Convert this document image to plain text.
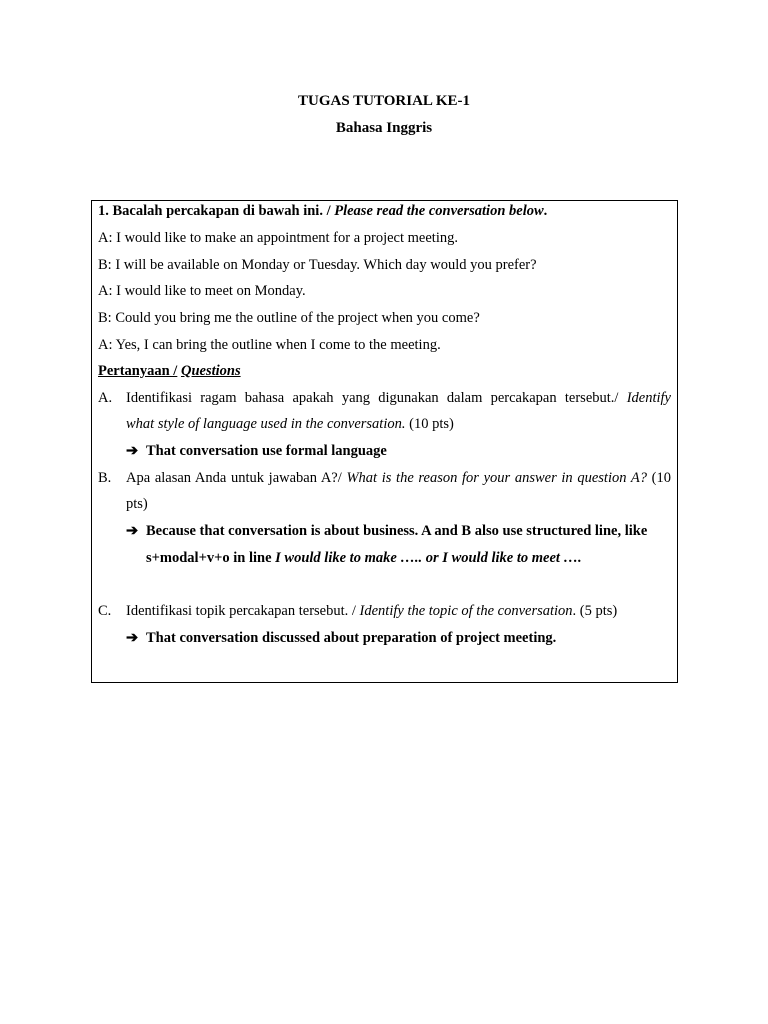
TUGAS TUTORIAL KE-1
Bahasa Inggris
1. Bacalah percakapan di bawah ini. / Please read the conversation below.
A: I would like to make an appointment for a project meeting.
B: I will be available on Monday or Tuesday. Which day would you prefer?
A: I would like to meet on Monday.
B: Could you bring me the outline of the project when you come?
A: Yes, I can bring the outline when I come to the meeting.
Pertanyaan / Questions
A. Identifikasi ragam bahasa apakah yang digunakan dalam percakapan tersebut./ Identify
what style of language used in the conversation. (10 pts)
➔ That conversation use formal language
B.	Apa alasan Anda untuk jawaban A?/ What is the reason for your answer in question A? (10
pts)
➔ Because that conversation is about business. A and B also use structured line, like
s+modal+v+o in line I would like to make ….. or I would like to meet ….
C.	Identifikasi topik percakapan tersebut. / Identify the topic of the conversation. (5 pts)
➔ That conversation discussed about preparation of project meeting.
